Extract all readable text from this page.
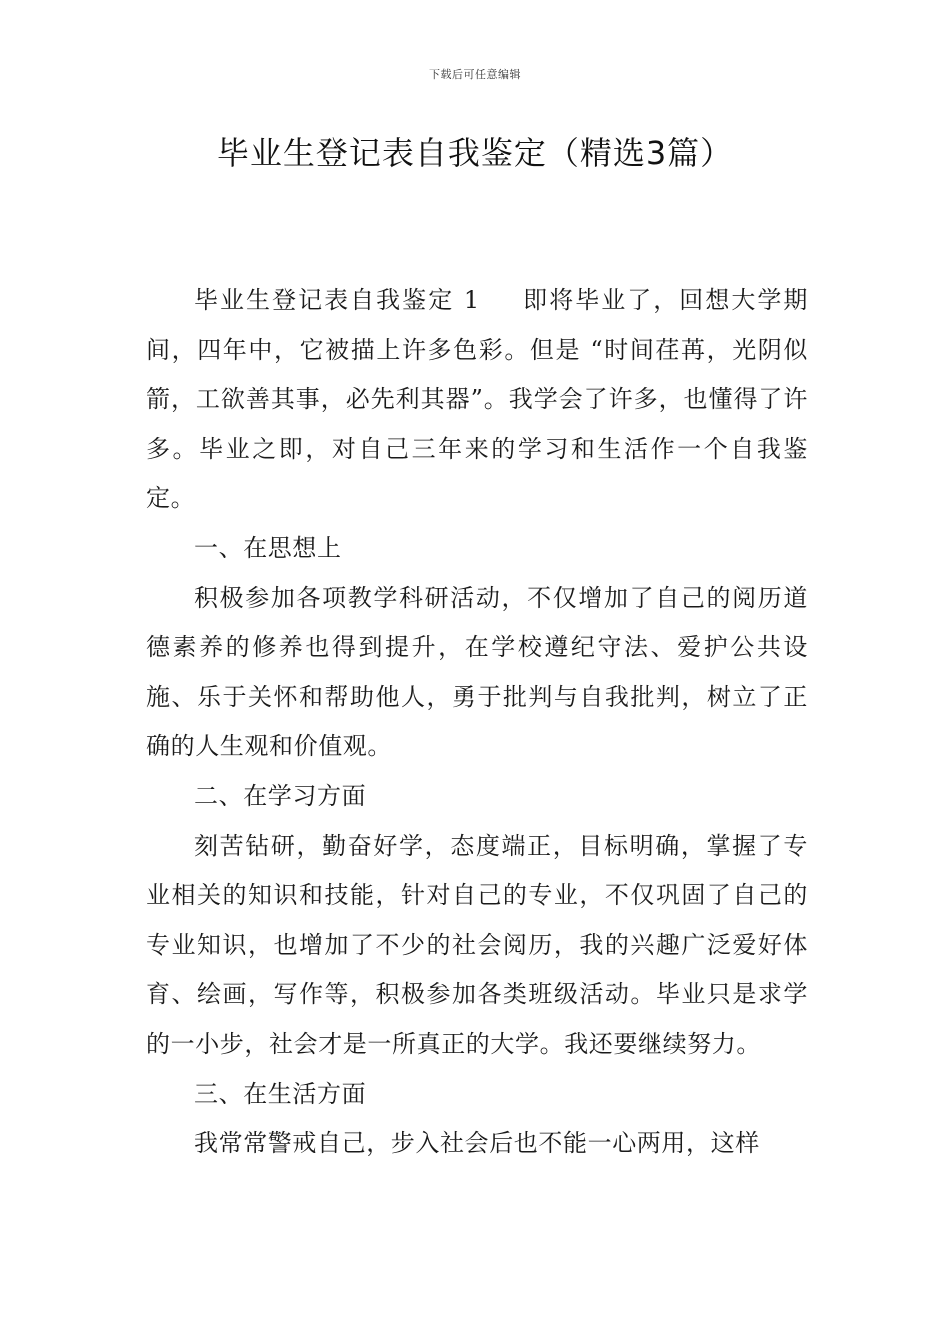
下载后可任意编辑
毕业生登记表自我鉴定（精选3篇）

毕业生登记表自我鉴定 1 即将毕业了，回想大学期间，四年中，它被描上许多色彩。但是 “时间荏苒，光阴似箭，工欲善其事，必先利其器”。我学会了许多，也懂得了许多。毕业之即，对自己三年来的学习和生活作一个自我鉴定。

一、在思想上

积极参加各项教学科研活动，不仅增加了自己的阅历道德素养的修养也得到提升，在学校遵纪守法、爱护公共设施、乐于关怀和帮助他人，勇于批判与自我批判，树立了正确的人生观和价值观。

二、在学习方面

刻苦钻研，勤奋好学，态度端正，目标明确，掌握了专业相关的知识和技能，针对自己的专业，不仅巩固了自己的专业知识，也增加了不少的社会阅历，我的兴趣广泛爱好体育、绘画，写作等，积极参加各类班级活动。毕业只是求学的一小步，社会才是一所真正的大学。我还要继续努力。

三、在生活方面

我常常警戒自己，步入社会后也不能一心两用，这样
